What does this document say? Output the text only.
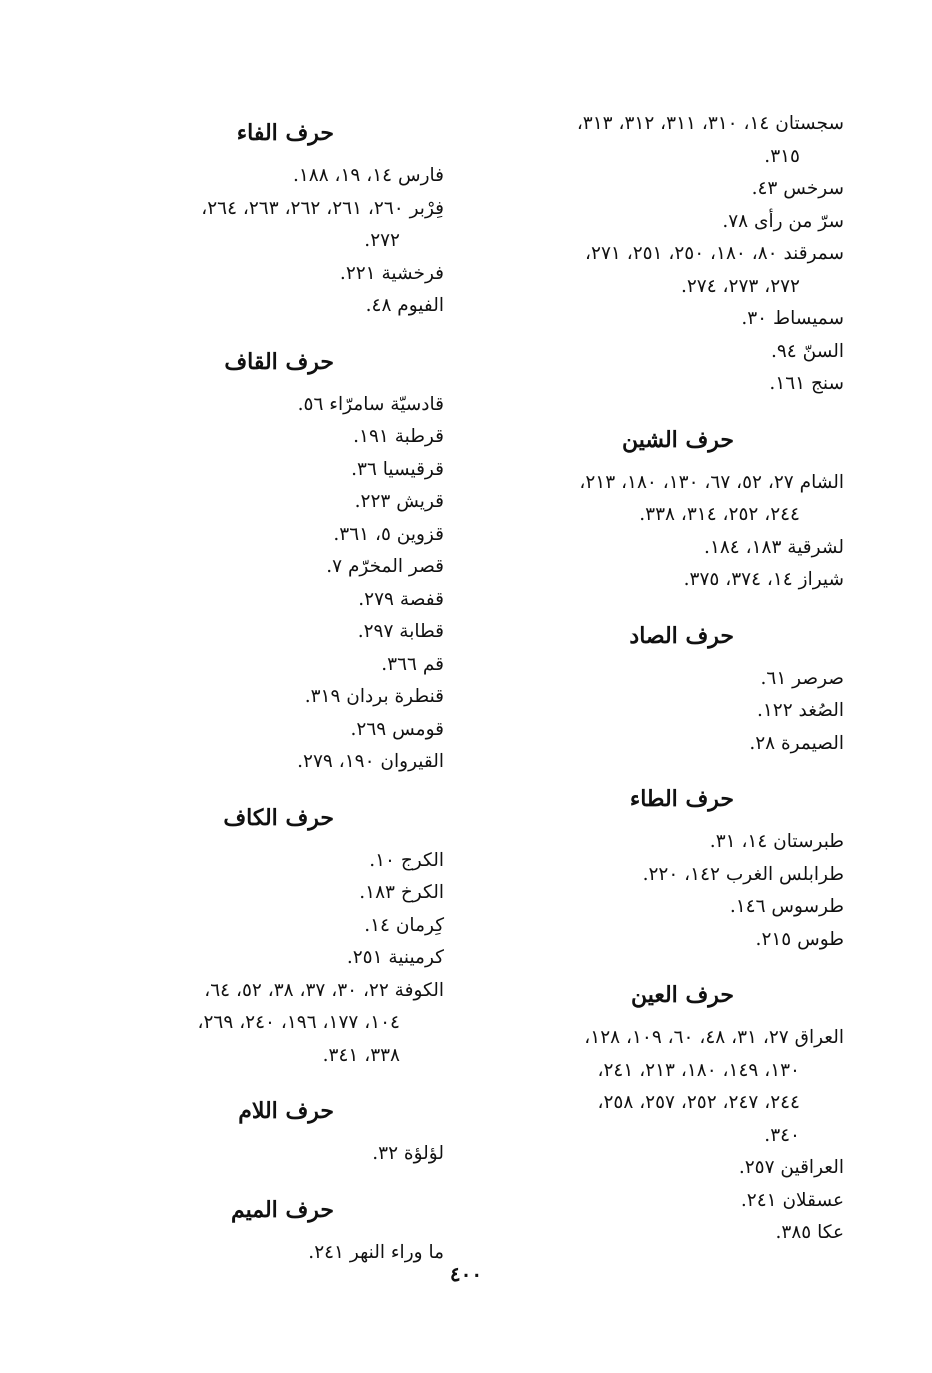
سجستان ١٤، ٣١٠، ٣١١، ٣١٢، ٣١٣،
٣١٥.
سرخس ٤٣.
سرّ من رأى ٧٨.
سمرقند ٨٠، ١٨٠، ٢٥٠، ٢٥١، ٢٧١،
٢٧٢، ٢٧٣، ٢٧٤.
سميساط ٣٠.
السنّ ٩٤.
سنج ١٦١.
حرف الشين
الشام ٢٧، ٥٢، ٦٧، ١٣٠، ١٨٠، ٢١٣،
٢٤٤، ٢٥٢، ٣١٤، ٣٣٨.
لشرقية ١٨٣، ١٨٤.
شيراز ١٤، ٣٧٤، ٣٧٥.
حرف الصاد
صرصر ٦١.
الصُغد ١٢٢.
الصيمرة ٢٨.
حرف الطاء
طبرستان ١٤، ٣١.
طرابلس الغرب ١٤٢، ٢٢٠.
طرسوس ١٤٦.
طوس ٢١٥.
حرف العين
العراق ٢٧، ٣١، ٤٨، ٦٠، ١٠٩، ١٢٨،
١٣٠، ١٤٩، ١٨٠، ٢١٣، ٢٤١،
٢٤٤، ٢٤٧، ٢٥٢، ٢٥٧، ٢٥٨،
٣٤٠.
العراقين ٢٥٧.
عسقلان ٢٤١.
عكا ٣٨٥.
حرف الفاء
فارس ١٤، ١٩، ١٨٨.
فِرْبر ٢٦٠، ٢٦١، ٢٦٢، ٢٦٣، ٢٦٤،
٢٧٢.
فرخشية ٢٢١.
الفيوم ٤٨.
حرف القاف
قادسيّة سامرّاء ٥٦.
قرطبة ١٩١.
قرقيسيا ٣٦.
قريش ٢٢٣.
قزوين ٥، ٣٦١.
قصر المخرّم ٧.
قفصة ٢٧٩.
قطابة ٢٩٧.
قم ٣٦٦.
قنطرة بردان ٣١٩.
قومس ٢٦٩.
القيروان ١٩٠، ٢٧٩.
حرف الكاف
الكرج ١٠.
الكرخ ١٨٣.
كِرمان ١٤.
كرمينية ٢٥١.
الكوفة ٢٢، ٣٠، ٣٧، ٣٨، ٥٢، ٦٤،
١٠٤، ١٧٧، ١٩٦، ٢٤٠، ٢٦٩،
٣٣٨، ٣٤١.
حرف اللام
لؤلؤة ٣٢.
حرف الميم
ما وراء النهر ٢٤١.
٤٠٠
